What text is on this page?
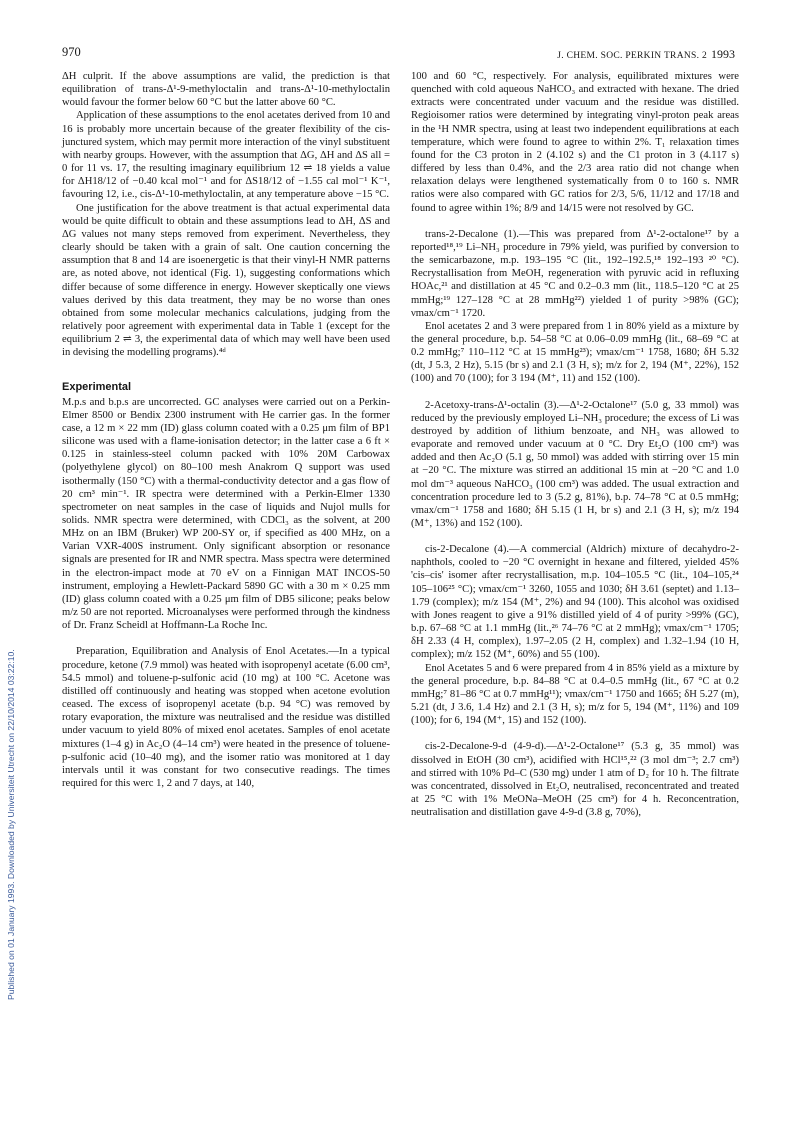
970	J. CHEM. SOC. PERKIN TRANS. 2 1993
Published on 01 January 1993. Downloaded by Universiteit Utrecht on 22/10/2014 03:22:10.

ΔH culprit. If the above assumptions are valid, the prediction is that equilibration of trans-Δ¹-9-methyloctalin and trans-Δ¹-10-methyloctalin would favour the former below 60 °C but the latter above 60 °C.

Application of these assumptions to the enol acetates derived from 10 and 16 is probably more uncertain because of the greater flexibility of the cis-junctured system, which may permit more interaction of the vinyl substituent with nearby groups. However, with the assumption that ΔG, ΔH and ΔS all = 0 for 11 vs. 17, the resulting imaginary equilibrium 12 ⇌ 18 yields a value for ΔH18/12 of −0.40 kcal mol⁻¹ and for ΔS18/12 of −1.55 cal mol⁻¹ K⁻¹, favouring 12, i.e., cis-Δ¹-10-methyloctalin, at any temperature above −15 °C.

One justification for the above treatment is that actual experimental data would be quite difficult to obtain and these assumptions lead to ΔH, ΔS and ΔG values not many steps removed from experiment. Nevertheless, they clearly should be taken with a grain of salt. One caution concerning the assumption that 8 and 14 are isoenergetic is that their vinyl-H NMR patterns are, as noted above, not identical (Fig. 1), suggesting conformations which differ because of some difference in energy. However skeptically one views values derived by this data treatment, they may be no worse than ones obtained from some molecular mechanics calculations, judging from the relatively poor agreement with experimental data in Table 1 (except for the equilibrium 2 ⇌ 3, the experimental data of which may well have been used in devising the modelling programs).⁴ᵈ

Experimental

M.p.s and b.p.s are uncorrected. GC analyses were carried out on a Perkin-Elmer 8500 or Bendix 2300 instrument with He carrier gas. In the former case, a 12 m × 22 mm (ID) glass column coated with a 0.25 μm film of BP1 silicone was used with a flame-ionisation detector; in the latter case a 6 ft × 0.125 in stainless-steel column packed with 10% 20M Carbowax (polyethylene glycol) on 80–100 mesh Anakrom Q support was used isothermally (150 °C) with a thermal-conductivity detector and a gas flow of 20 cm³ min⁻¹. IR spectra were determined with a Perkin-Elmer 1330 spectrometer on neat samples in the case of liquids and Nujol mulls for solids. NMR spectra were determined, with CDCl₃ as the solvent, at 200 MHz on an IBM (Bruker) WP 200-SY or, if specified as 400 MHz, on a Varian VXR-400S instrument. Only significant absorption or resonance signals are presented for IR and NMR spectra. Mass spectra were determined in the electron-impact mode at 70 eV on a Finnigan MAT INCOS-50 instrument, employing a Hewlett-Packard 5890 GC with a 30 m × 0.25 mm (ID) glass column coated with a 0.25 μm film of DB5 silicone; peaks below m/z 50 are not reported. Microanalyses were performed through the kindness of Dr. Franz Scheidl at Hoffmann-La Roche Inc.

Preparation, Equilibration and Analysis of Enol Acetates.—In a typical procedure, ketone (7.9 mmol) was heated with isopropenyl acetate (6.00 cm³, 54.5 mmol) and toluene-p-sulfonic acid (10 mg) at 100 °C. Acetone was distilled off continuously and heating was stopped when acetone evolution ceased. The excess of isopropenyl acetate (b.p. 94 °C) was removed by rotary evaporation, the mixture was neutralised and the residue was distilled under vacuum to yield 80% of mixed enol acetates. Samples of enol acetate mixtures (1–4 g) in Ac₂O (4–14 cm³) were heated in the presence of toluene-p-sulfonic acid (10–40 mg), and the isomer ratio was monitored at 1 day intervals until it was constant for two consecutive readings. The times required for this werc 1, 2 and 7 days, at 140,

100 and 60 °C, respectively. For analysis, equilibrated mixtures were quenched with cold aqueous NaHCO₃ and extracted with hexane. The dried extracts were concentrated under vacuum and the residue was distilled. Regioisomer ratios were determined by integrating vinyl-proton peak areas in the ¹H NMR spectra, using at least two independent equilibrations at each temperature, which were found to agree to within 2%. T₁ relaxation times found for the C3 proton in 2 (4.102 s) and the C1 proton in 3 (4.117 s) differed by less than 0.4%, and the 2/3 area ratio did not change when relaxation delays were lengthened systematically from 0 to 160 s. NMR ratios were also compared with GC ratios for 2/3, 5/6, 11/12 and 17/18 and found to agree within 1%; 8/9 and 14/15 were not resolved by GC.

trans-2-Decalone (1).—This was prepared from Δ¹-2-octalone¹⁷ by a reported¹⁸,¹⁹ Li–NH₃ procedure in 79% yield, was purified by conversion to the semicarbazone, m.p. 193–195 °C (lit., 192–192.5,¹⁸ 192–193 ²⁰ °C). Recrystallisation from MeOH, regeneration with pyruvic acid in refluxing HOAc,²¹ and distillation at 45 °C and 0.2–0.3 mm (lit., 118.5–120 °C at 25 mmHg;¹⁹ 127–128 °C at 28 mmHg²²) yielded 1 of purity >98% (GC); νmax/cm⁻¹ 1720.

Enol acetates 2 and 3 were prepared from 1 in 80% yield as a mixture by the general procedure, b.p. 54–58 °C at 0.06–0.09 mmHg (lit., 68–69 °C at 0.2 mmHg;⁷ 110–112 °C at 15 mmHg²³); νmax/cm⁻¹ 1758, 1680; δH 5.32 (dt, J 5.3, 2 Hz), 5.15 (br s) and 2.1 (3 H, s); m/z for 2, 194 (M⁺, 22%), 152 (100) and 70 (100); for 3 194 (M⁺, 11) and 152 (100).

2-Acetoxy-trans-Δ¹-octalin (3).—Δ¹-2-Octalone¹⁷ (5.0 g, 33 mmol) was reduced by the previously employed Li–NH₃ procedure; the excess of Li was destroyed by addition of lithium benzoate, and NH₃ was allowed to evaporate and removed under vacuum at 0 °C. Dry Et₂O (100 cm³) was added and then Ac₂O (5.1 g, 50 mmol) was added with stirring over 15 min at −20 °C. The mixture was stirred an additional 15 min at −20 °C and 1.0 mol dm⁻³ aqueous NaHCO₃ (100 cm³) was added. The usual extraction and concentration procedure led to 3 (5.2 g, 81%), b.p. 74–78 °C at 0.5 mmHg; νmax/cm⁻¹ 1758 and 1680; δH 5.15 (1 H, br s) and 2.1 (3 H, s); m/z 194 (M⁺, 13%) and 152 (100).

cis-2-Decalone (4).—A commercial (Aldrich) mixture of decahydro-2-naphthols, cooled to −20 °C overnight in hexane and filtered, yielded 45% 'cis–cis' isomer after recrystallisation, m.p. 104–105.5 °C (lit., 104–105,²⁴ 105–106²⁵ °C); νmax/cm⁻¹ 3260, 1055 and 1030; δH 3.61 (septet) and 1.13–1.79 (complex); m/z 154 (M⁺, 2%) and 94 (100). This alcohol was oxidised with Jones reagent to give a 91% distilled yield of 4 of purity >99% (GC), b.p. 67–68 °C at 1.1 mmHg (lit.,²⁶ 74–76 °C at 2 mmHg); νmax/cm⁻¹ 1705; δH 2.33 (4 H, complex), 1.97–2.05 (2 H, complex) and 1.32–1.94 (10 H, complex); m/z 152 (M⁺, 60%) and 55 (100).

Enol Acetates 5 and 6 were prepared from 4 in 85% yield as a mixture by the general procedure, b.p. 84–88 °C at 0.4–0.5 mmHg (lit., 67 °C at 0.2 mmHg;⁷ 81–86 °C at 0.7 mmHg¹¹); νmax/cm⁻¹ 1750 and 1665; δH 5.27 (m), 5.21 (dt, J 3.6, 1.4 Hz) and 2.1 (3 H, s); m/z for 5, 194 (M⁺, 11%) and 109 (100); for 6, 194 (M⁺, 15) and 152 (100).

cis-2-Decalone-9-d (4-9-d).—Δ¹-2-Octalone¹⁷ (5.3 g, 35 mmol) was dissolved in EtOH (30 cm³), acidified with HCl¹⁵,²² (3 mol dm⁻³; 2.7 cm³) and stirred with 10% Pd–C (530 mg) under 1 atm of D₂ for 10 h. The filtrate was concentrated, dissolved in Et₂O, neutralised, reconcentrated and treated at 25 °C with 1% MeONa–MeOH (25 cm³) for 4 h. Reconcentration, neutralisation and distillation gave 4-9-d (3.8 g, 70%),
